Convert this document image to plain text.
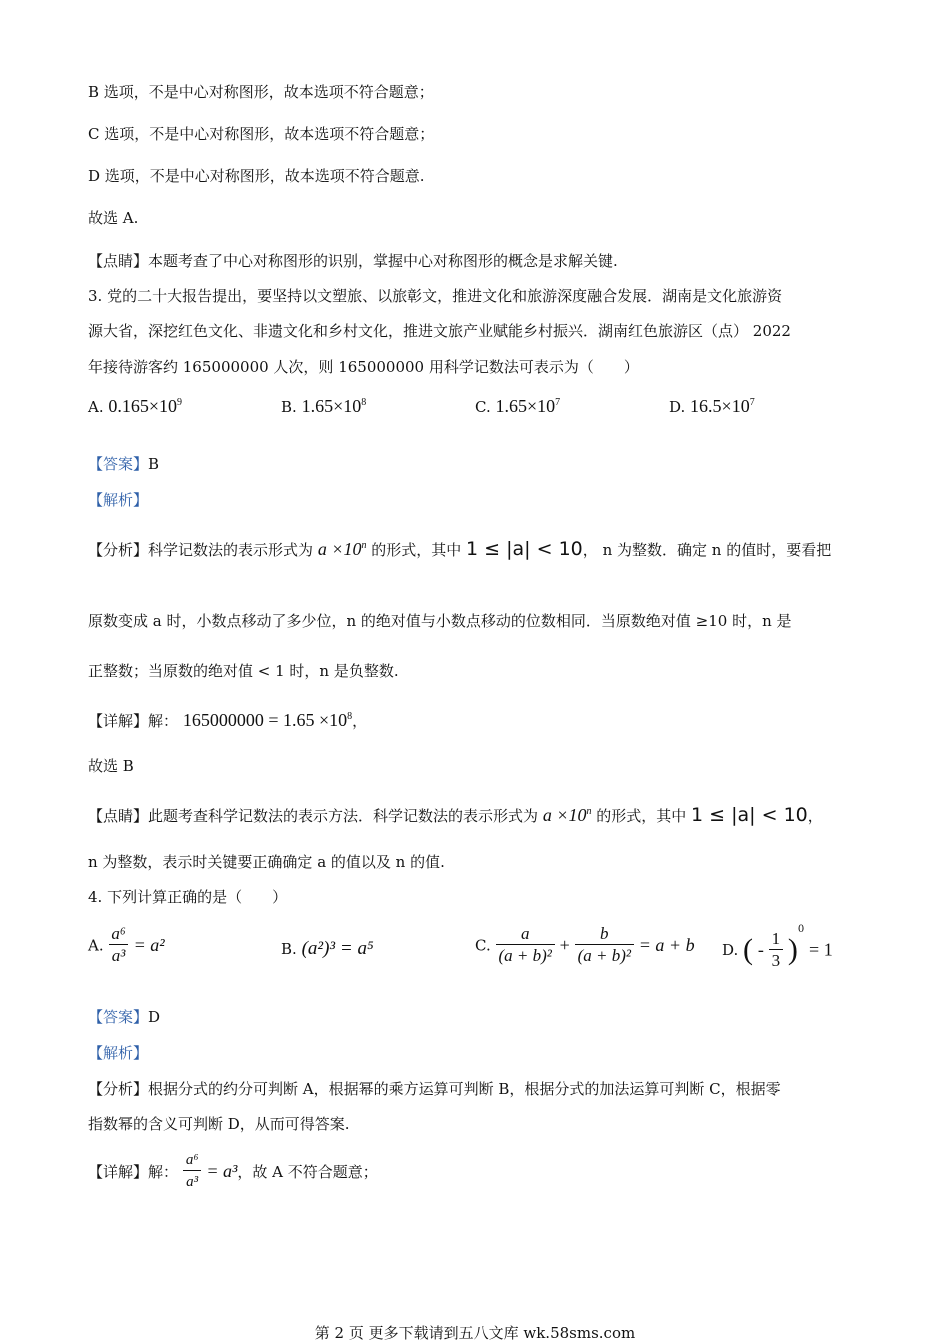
B 选项，不是中心对称图形，故本选项不符合题意；
C 选项，不是中心对称图形，故本选项不符合题意；
D 选项，不是中心对称图形，故本选项不符合题意.
故选 A.
【点睛】本题考查了中心对称图形的识别，掌握中心对称图形的概念是求解关键.
3. 党的二十大报告提出，要坚持以文塑旅、以旅彰文，推进文化和旅游深度融合发展．湖南是文化旅游资
源大省，深挖红色文化、非遗文化和乡村文化，推进文旅产业赋能乡村振兴．湖南红色旅游区（点） 2022
年接待游客约 165000000 人次，则 165000000 用科学记数法可表示为（　　）
A. $0.165\times 10^9$	B. $1.65\times 10^8$	C. $1.65\times 10^7$	D. $16.5\times 10^7$
【答案】B
【解析】
【分析】科学记数法的表示形式为 $a \times 10^n$ 的形式，其中 1 ≤ |a| < 10， n 为整数．确定 n 的值时，要看把
原数变成 a 时，小数点移动了多少位，n 的绝对值与小数点移动的位数相同．当原数绝对值 ≥10 时，n 是
正整数；当原数的绝对值 < 1 时，n 是负整数.
【详解】解： $165000000 = 1.65 \times 10^8$，
故选 B
【点睛】此题考查科学记数法的表示方法．科学记数法的表示形式为 $a \times 10^n$ 的形式，其中 1 ≤ |a| < 10，
n 为整数，表示时关键要正确确定 a 的值以及 n 的值.
4. 下列计算正确的是（　　）
A. $\frac{\text{a⁶}}{\text{a³}} = a^2$	B. (a²)³ = a⁵	C. $\frac{a}{\text{(a + b)²}} + \frac{b}{\text{(a + b)²}} = a + b$ D. ( - $\frac{1}{3} )^0 = 1$
【答案】D
【解析】
【分析】根据分式的约分可判断 A，根据幂的乘方运算可判断 B，根据分式的加法运算可判断 C，根据零
指数幂的含义可判断 D，从而可得答案.
【详解】解： $\frac{\text{a⁶}}{\text{a³}} = a^3$，故 A 不符合题意；
第 2 页 更多下载请到五八文库 wk.58sms.com
